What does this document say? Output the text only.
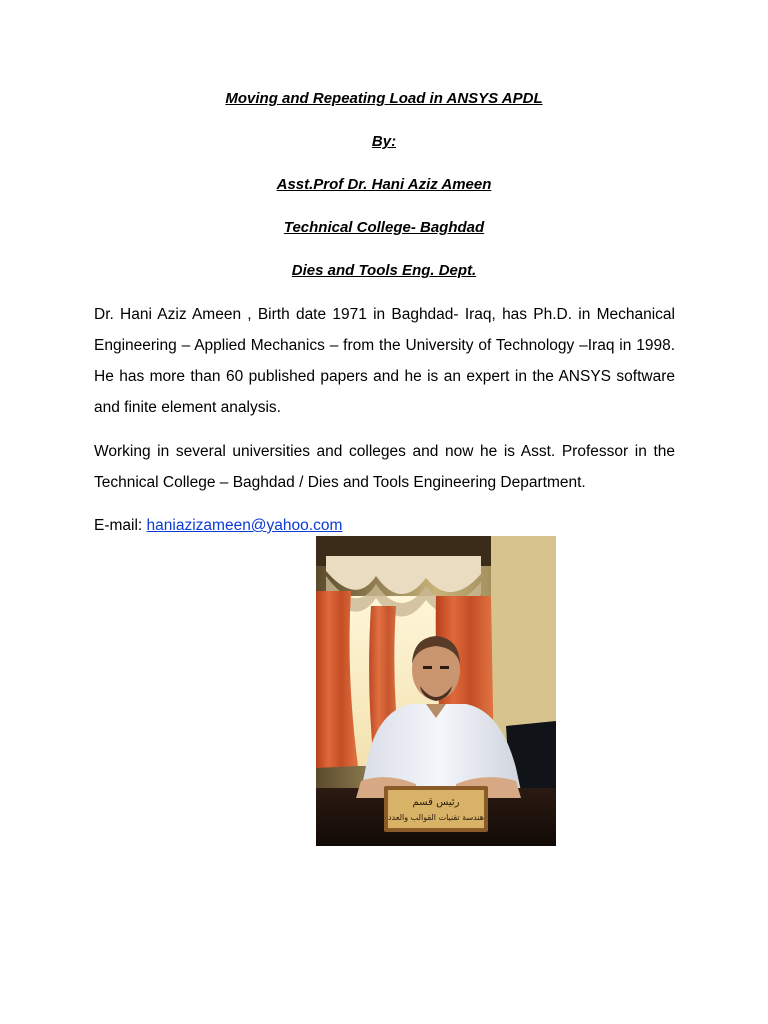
Moving and Repeating Load in ANSYS APDL
By:
Asst.Prof Dr. Hani Aziz Ameen
Technical College- Baghdad
Dies and Tools Eng. Dept.
Dr. Hani Aziz Ameen , Birth date 1971 in Baghdad- Iraq, has Ph.D. in Mechanical Engineering – Applied Mechanics – from the University of Technology –Iraq in 1998. He has more than 60 published papers and he is an expert in the ANSYS software and finite element analysis.
Working in several universities and colleges and now he is Asst. Professor in the Technical College – Baghdad / Dies and Tools Engineering Department.
E-mail: haniazizameen@yahoo.com
رئيس قسم
هندسة تقنيات القوالب والعدد
